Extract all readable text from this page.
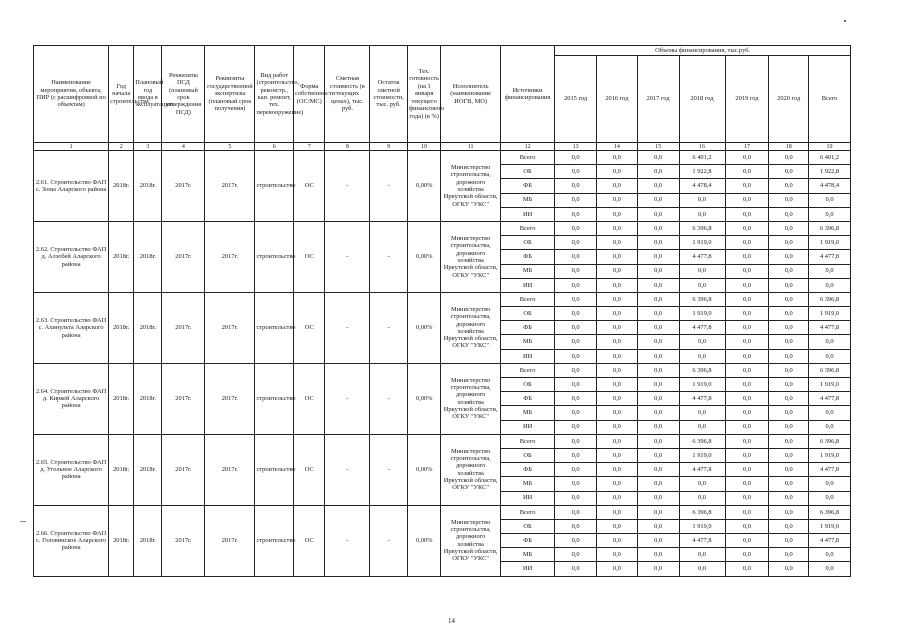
Наименование мероприятия, объекта, ПИР (с расшифровкой по объектам)	Год начала строительства	Плановый год ввода в эксплуатацию	Реквизиты ПСД (плановый срок утверждения ПСД)	Реквизиты государственной экспертизы (плановый срок получения)	Вид работ (строительство, реконстр., кап. ремонт, тех. перевооружение)	Форма собственности (ОС/МС)	Сметная стоимость (в текущих ценах), тыс. руб.	Остаток сметной стоимости, тыс. руб.	Тех. готовность (на 1 января текущего финансового года) (в %)	Исполнитель (наименование ИОГВ, МО)	Источники финансирования							
												Объемы финансирования, тыс.руб.						
												2015 год	2016 год	2017 год	2018 год	2019 год	2020 год	Всего
1	2	3	4	5	6	7	8	9	10	11	12	13	14	15	16	17	18	19
2.61. Строительство ФАП с. Зоны Аларского района	2018г.	2018г.	2017г.	2017г.	строительство	ОС	-	-	0,00%	Министерство строительства, дорожного хозяйства Иркутской области, ОГКУ "УКС"	Всего	0,0	0,0	0,0	6 401,2	0,0	0,0	6 401,2
											ОБ	0,0	0,0	0,0	1 922,8	0,0	0,0	1 922,8
											ФБ	0,0	0,0	0,0	4 478,4	0,0	0,0	4 478,4
											МБ	0,0	0,0	0,0	0,0	0,0	0,0	0,0
											ИИ	0,0	0,0	0,0	0,0	0,0	0,0	0,0
2.62. Строительство ФАП д. Алзобей Аларского района	2018г.	2018г.	2017г.	2017г.	строительство	ОС	-	-	0,00%	Министерство строительства, дорожного хозяйства Иркутской области, ОГКУ "УКС"	Всего	0,0	0,0	0,0	6 396,8	0,0	0,0	6 396,8
											ОБ	0,0	0,0	0,0	1 919,0	0,0	0,0	1 919,0
											ФБ	0,0	0,0	0,0	4 477,8	0,0	0,0	4 477,8
											МБ	0,0	0,0	0,0	0,0	0,0	0,0	0,0
											ИИ	0,0	0,0	0,0	0,0	0,0	0,0	0,0
2.63. Строительство ФАП с. Ахинульта Аларского района	2018г.	2018г.	2017г.	2017г.	строительство	ОС	-	-	0,00%	Министерство строительства, дорожного хозяйства Иркутской области, ОГКУ "УКС"	Всего	0,0	0,0	0,0	6 396,8	0,0	0,0	6 396,8
											ОБ	0,0	0,0	0,0	1 919,0	0,0	0,0	1 919,0
											ФБ	0,0	0,0	0,0	4 477,8	0,0	0,0	4 477,8
											МБ	0,0	0,0	0,0	0,0	0,0	0,0	0,0
											ИИ	0,0	0,0	0,0	0,0	0,0	0,0	0,0
2.64. Строительство ФАП д. Киркей Аларского района	2018г.	2018г.	2017г.	2017г.	строительство	ОС	-	-	0,00%	Министерство строительства, дорожного хозяйства Иркутской области, ОГКУ "УКС"	Всего	0,0	0,0	0,0	6 396,8	0,0	0,0	6 396,8
											ОБ	0,0	0,0	0,0	1 919,0	0,0	0,0	1 919,0
											ФБ	0,0	0,0	0,0	4 477,8	0,0	0,0	4 477,8
											МБ	0,0	0,0	0,0	0,0	0,0	0,0	0,0
											ИИ	0,0	0,0	0,0	0,0	0,0	0,0	0,0
2.65. Строительство ФАП д. Угольное Аларского района	2018г.	2018г.	2017г.	2017г.	строительство	ОС	-	-	0,00%	Министерство строительства, дорожного хозяйства Иркутской области, ОГКУ "УКС"	Всего	0,0	0,0	0,0	6 396,8	0,0	0,0	6 396,8
											ОБ	0,0	0,0	0,0	1 919,0	0,0	0,0	1 919,0
											ФБ	0,0	0,0	0,0	4 477,8	0,0	0,0	4 477,8
											МБ	0,0	0,0	0,0	0,0	0,0	0,0	0,0
											ИИ	0,0	0,0	0,0	0,0	0,0	0,0	0,0
2.66. Строительство ФАП с. Головинское Аларского района	2018г.	2018г.	2017г.	2017г.	строительство	ОС	-	-	0,00%	Министерство строительства, дорожного хозяйства Иркутской области, ОГКУ "УКС"	Всего	0,0	0,0	0,0	6 396,8	0,0	0,0	6 396,8
											ОБ	0,0	0,0	0,0	1 919,0	0,0	0,0	1 919,0
											ФБ	0,0	0,0	0,0	4 477,8	0,0	0,0	4 477,8
											МБ	0,0	0,0	0,0	0,0	0,0	0,0	0,0
											ИИ	0,0	0,0	0,0	0,0	0,0	0,0	0,0
14
